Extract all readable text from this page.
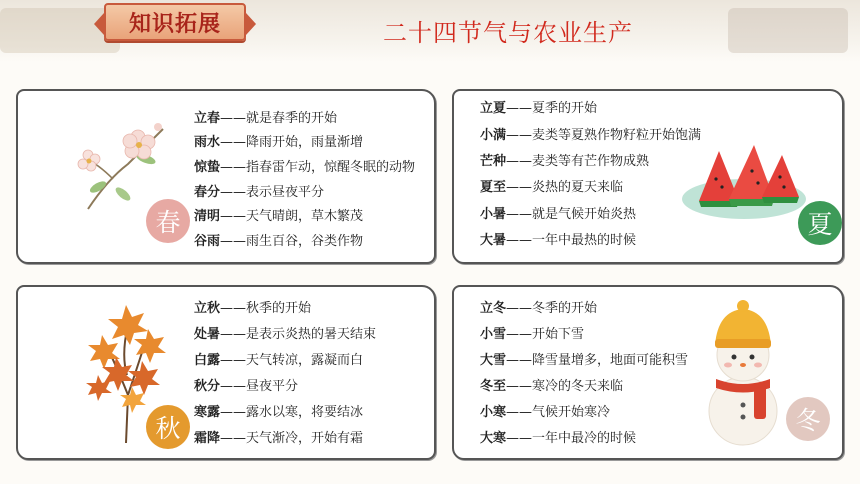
知识拓展	二十四节气与农业生产
春
立春——就是春季的开始
雨水——降雨开始，雨量渐增
惊蛰——指春雷乍动，惊醒冬眠的动物
春分——表示昼夜平分
清明——天气晴朗，草木繁茂
谷雨——雨生百谷，谷类作物
夏
立夏——夏季的开始
小满——麦类等夏熟作物籽粒开始饱满
芒种——麦类等有芒作物成熟
夏至——炎热的夏天来临
小暑——就是气候开始炎热
大暑——一年中最热的时候
秋
立秋——秋季的开始
处暑——是表示炎热的暑天结束
白露——天气转凉，露凝而白
秋分——昼夜平分
寒露——露水以寒，将要结冰
霜降——天气渐冷，开始有霜
冬
立冬——冬季的开始
小雪——开始下雪
大雪——降雪量增多，地面可能积雪
冬至——寒冷的冬天来临
小寒——气候开始寒冷
大寒——一年中最冷的时候
